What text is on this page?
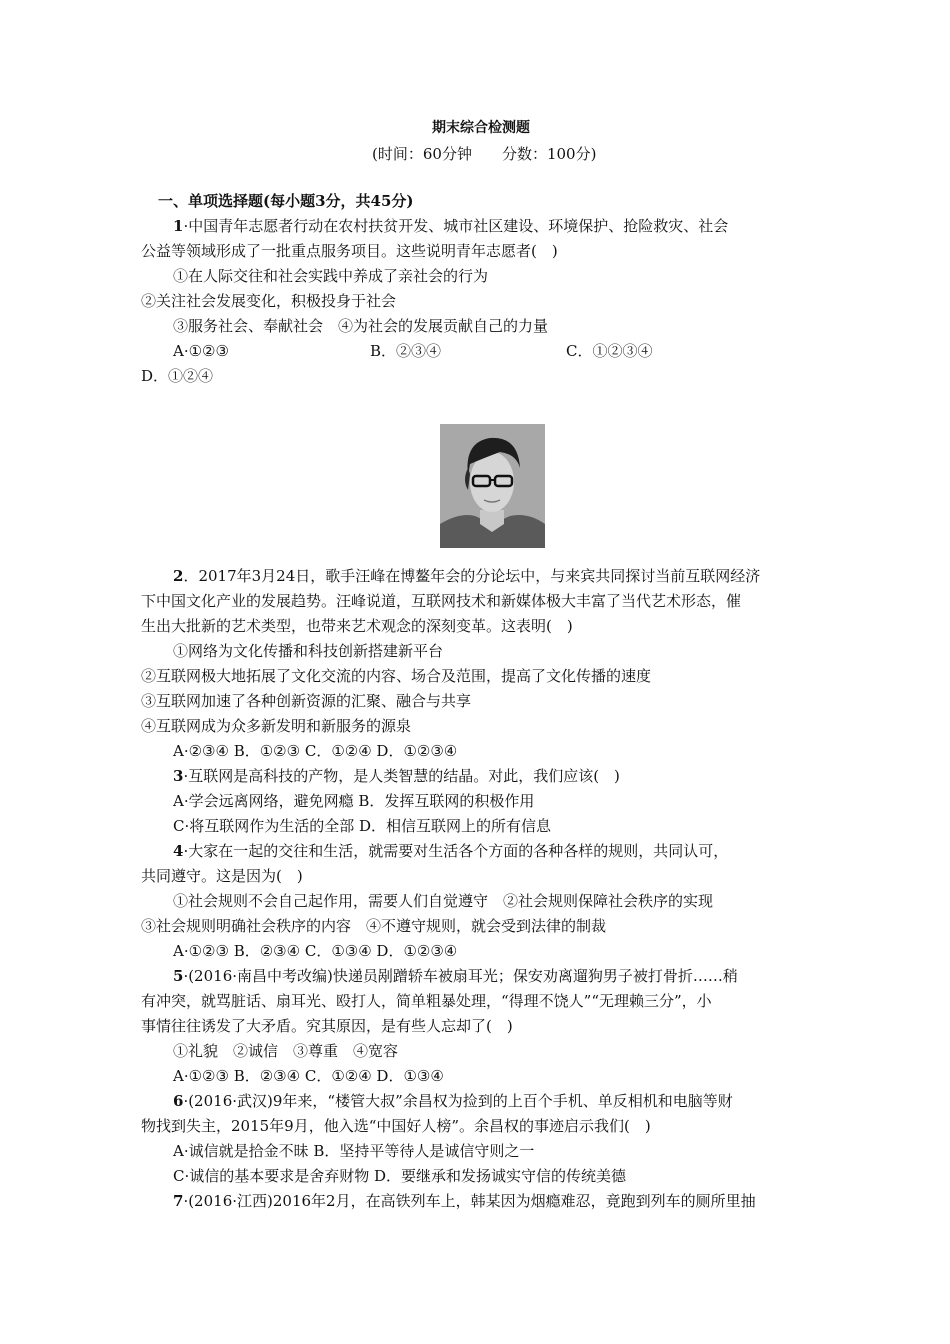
期末综合检测题
(时间：60分钟　　分数：100分)
一、单项选择题(每小题3分，共45分)
1·中国青年志愿者行动在农村扶贫开发、城市社区建设、环境保护、抢险救灾、社会
公益等领域形成了一批重点服务项目。这些说明青年志愿者(　)
①在人际交往和社会实践中养成了亲社会的行为
②关注社会发展变化，积极投身于社会
③服务社会、奉献社会　④为社会的发展贡献自己的力量
A·①②③	B．②③④	C．①②③④
D．①②④
2．2017年3月24日，歌手汪峰在博鳌年会的分论坛中，与来宾共同探讨当前互联网经济
下中国文化产业的发展趋势。汪峰说道，互联网技术和新媒体极大丰富了当代艺术形态，催
生出大批新的艺术类型，也带来艺术观念的深刻变革。这表明(　)
①网络为文化传播和科技创新搭建新平台
②互联网极大地拓展了文化交流的内容、场合及范围，提高了文化传播的速度
③互联网加速了各种创新资源的汇聚、融合与共享
④互联网成为众多新发明和新服务的源泉
A·②③④ B．①②③ C．①②④ D．①②③④
3·互联网是高科技的产物，是人类智慧的结晶。对此，我们应该(　)
A·学会远离网络，避免网瘾 B．发挥互联网的积极作用
C·将互联网作为生活的全部 D．相信互联网上的所有信息
4·大家在一起的交往和生活，就需要对生活各个方面的各种各样的规则，共同认可，
共同遵守。这是因为(　)
①社会规则不会自己起作用，需要人们自觉遵守　②社会规则保障社会秩序的实现
③社会规则明确社会秩序的内容　④不遵守规则，就会受到法律的制裁
A·①②③ B．②③④ C．①③④ D．①②③④
5·(2016·南昌中考改编)快递员剐蹭轿车被扇耳光；保安劝离遛狗男子被打骨折……稍
有冲突，就骂脏话、扇耳光、殴打人，简单粗暴处理，“得理不饶人”“无理赖三分”，小
事情往往诱发了大矛盾。究其原因，是有些人忘却了(　)
①礼貌　②诚信　③尊重　④宽容
A·①②③ B．②③④ C．①②④ D．①③④
6·(2016·武汉)9年来，“楼管大叔”余昌权为捡到的上百个手机、单反相机和电脑等财
物找到失主，2015年9月，他入选“中国好人榜”。余昌权的事迹启示我们(　)
A·诚信就是拾金不昧 B．坚持平等待人是诚信守则之一
C·诚信的基本要求是舍弃财物 D．要继承和发扬诚实守信的传统美德
7·(2016·江西)2016年2月，在高铁列车上，韩某因为烟瘾难忍，竟跑到列车的厕所里抽
